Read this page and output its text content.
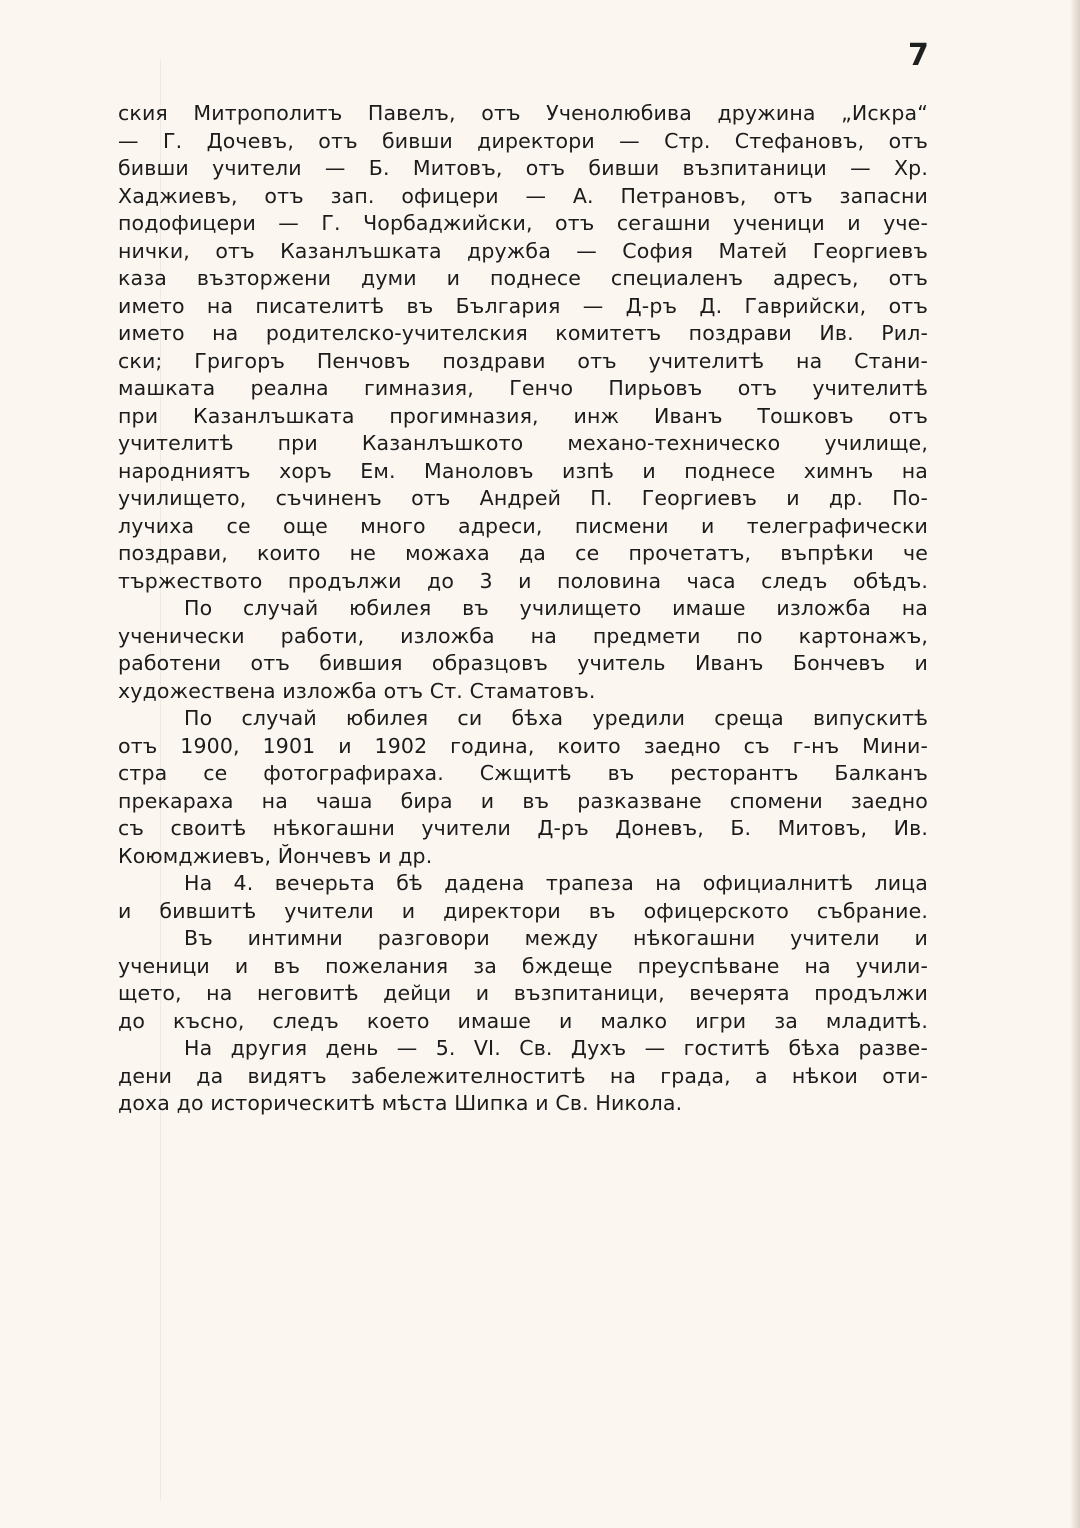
7

ския Митрополитъ Павелъ, отъ Ученолюбива дружина „Искра“
— Г. Дочевъ, отъ бивши директори — Стр. Стефановъ, отъ
бивши учители — Б. Митовъ, отъ бивши възпитаници — Хр.
Хаджиевъ, отъ зап. офицери — А. Петрановъ, отъ запасни
подофицери — Г. Чорбаджийски, отъ сегашни ученици и уче-
нички, отъ Казанлъшката дружба — София Матей Георгиевъ
каза възторжени думи и поднесе специаленъ адресъ, отъ
името на писателитѣ въ България — Д-ръ Д. Гаврийски, отъ
името на родителско-учителския комитетъ поздрави Ив. Рил-
ски; Григоръ Пенчовъ поздрави отъ учителитѣ на Стани-
машката реална гимназия, Генчо Пирьовъ отъ учителитѣ
при Казанлъшката прогимназия, инж Иванъ Тошковъ отъ
учителитѣ при Казанлъшкото механо-техническо училище,
народниятъ хоръ Ем. Маноловъ изпѣ и поднесе химнъ на
училището, съчиненъ отъ Андрей П. Георгиевъ и др. По-
лучиха се още много адреси, писмени и телеграфически
поздрави, които не можаха да се прочетатъ, въпрѣки че
тържеството продължи до 3 и половина часа следъ обѣдъ.

По случай юбилея въ училището имаше изложба на
ученически работи, изложба на предмети по картонажъ,
работени отъ бившия образцовъ учитель Иванъ Бончевъ и
художествена изложба отъ Ст. Стаматовъ.

По случай юбилея си бѣха уредили среща випускитѣ
отъ 1900, 1901 и 1902 година, които заедно съ г-нъ Мини-
стра се фотографираха. Сжщитѣ въ ресторантъ Балканъ
прекараха на чаша бира и въ разказване спомени заедно
съ своитѣ нѣкогашни учители Д-ръ Доневъ, Б. Митовъ, Ив.
Коюмджиевъ, Йончевъ и др.

На 4. вечерьта бѣ дадена трапеза на официалнитѣ лица
и бившитѣ учители и директори въ офицерското събрание.

Въ интимни разговори между нѣкогашни учители и
ученици и въ пожелания за бждеще преуспѣване на учили-
щето, на неговитѣ дейци и възпитаници, вечерята продължи
до късно, следъ което имаше и малко игри за младитѣ.

На другия день — 5. VI. Св. Духъ — гоститѣ бѣха разве-
дени да видятъ забележителноститѣ на града, а нѣкои оти-
доха до историческитѣ мѣста Шипка и Св. Никола.
